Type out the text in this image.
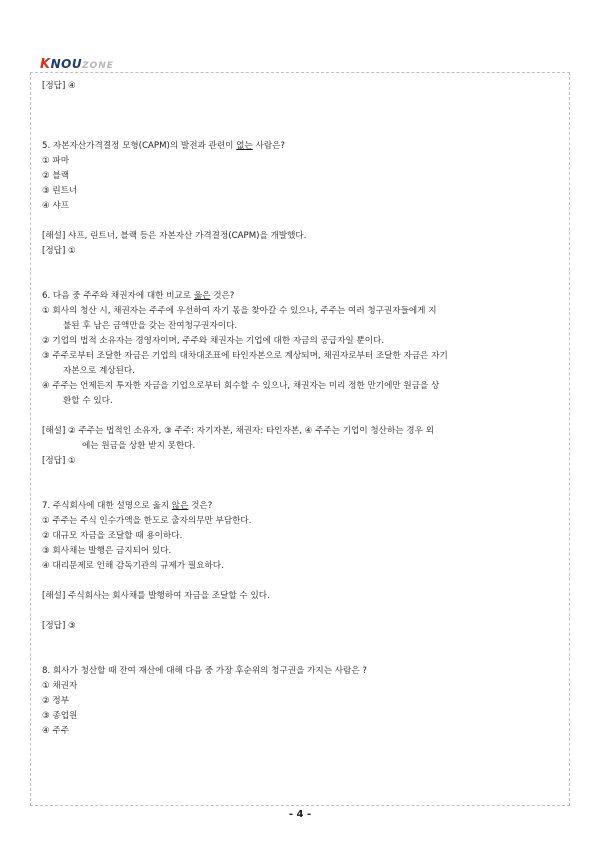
KNOUZONE

[정답] ④

5. 자본자산가격결정 모형(CAPM)의 발전과 관련이 없는 사람은?

① 파마

② 블랙

③ 린트너

④ 샤프

[해설] 샤프, 린트너, 블랙 등은 자본자산 가격결정(CAPM)을 개발했다.

[정답] ①

6. 다음 중 주주와 채권자에 대한 비교로 옳은 것은?

① 회사의 청산 시, 채권자는 주주에 우선하여 자기 몫을 찾아갈 수 있으나, 주주는 여러 청구권자들에게 지

불된 후 남은 금액만을 갖는 잔여청구권자이다.

② 기업의 법적 소유자는 경영자이며, 주주와 채권자는 기업에 대한 자금의 공급자일 뿐이다.

③ 주주로부터 조달한 자금은 기업의 대차대조표에 타인자본으로 계상되며, 채권자로부터 조달한 자금은 자기

자본으로 계상된다.

④ 주주는 언제든지 투자한 자금을 기업으로부터 회수할 수 있으나, 채권자는 미리 정한 만기에만 원금을 상

환할 수 있다.

[해설] ② 주주는 법적인 소유자, ③ 주주: 자기자본, 채권자: 타인자본, ④ 주주는 기업이 청산하는 경우 외

에는 원금을 상환 받지 못한다.

[정답] ①

7. 주식회사에 대한 설명으로 옳지 않은 것은?

① 주주는 주식 인수가액을 한도로 출자의무만 부담한다.

② 대규모 자금을 조달할 때 용이하다.

③ 회사채는 발행은 금지되어 있다.

④ 대리문제로 인해 감독기관의 규제가 필요하다.

[해설] 주식회사는 회사채를 발행하여 자금을 조달할 수 있다.

[정답] ③

8. 회사가 청산할 때 잔여 재산에 대해 다음 중 가장 후순위의 청구권을 가지는 사람은 ?

① 채권자

② 정부

③ 종업원

④ 주주

- 4 -
